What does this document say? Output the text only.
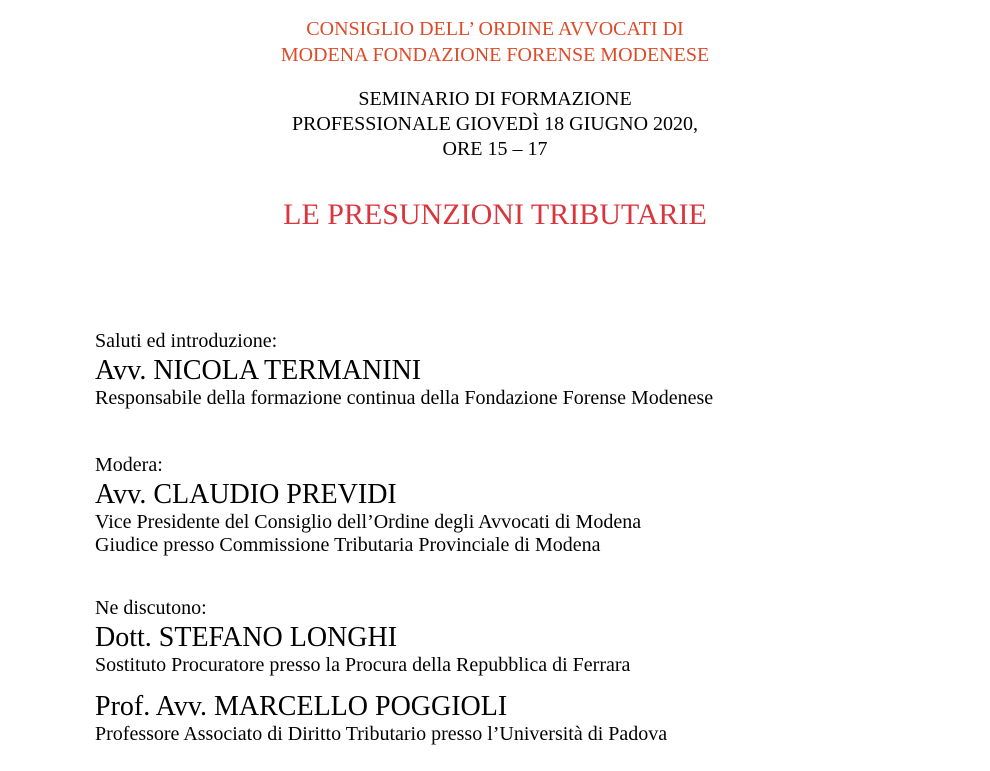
CONSIGLIO DELL’ ORDINE AVVOCATI DI
MODENA FONDAZIONE FORENSE MODENESE
SEMINARIO DI FORMAZIONE
PROFESSIONALE GIOVEDÌ 18 GIUGNO 2020,
ORE 15 – 17
LE PRESUNZIONI TRIBUTARIE
Saluti ed introduzione:
Avv. NICOLA TERMANINI
Responsabile della formazione continua della Fondazione Forense Modenese
Modera:
Avv. CLAUDIO PREVIDI
Vice Presidente del Consiglio dell’Ordine degli Avvocati di Modena
Giudice presso Commissione Tributaria Provinciale di Modena
Ne discutono:
Dott. STEFANO LONGHI
Sostituto Procuratore presso la Procura della Repubblica di Ferrara
Prof. Avv. MARCELLO POGGIOLI
Professore Associato di Diritto Tributario presso l’Università di Padova
